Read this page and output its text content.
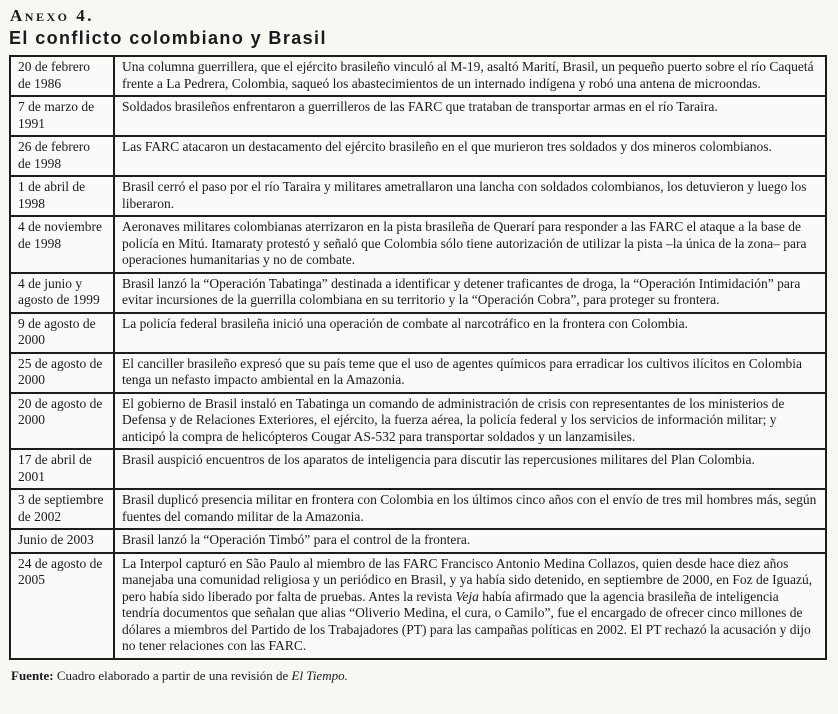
Anexo 4.
El conflicto colombiano y Brasil
20 de febrero de 1986	Una columna guerrillera, que el ejército brasileño vinculó al M-19, asaltó Marití, Brasil, un pequeño puerto sobre el río Caquetá frente a La Pedrera, Colombia, saqueó los abastecimientos de un internado indígena y robó una antena de microondas.
7 de marzo de 1991	Soldados brasileños enfrentaron a guerrilleros de las FARC que trataban de transportar armas en el río Taraira.
26 de febrero de 1998	Las FARC atacaron un destacamento del ejército brasileño en el que murieron tres soldados y dos mineros colombianos.
1 de abril de 1998	Brasil cerró el paso por el río Taraira y militares ametrallaron una lancha con soldados colombianos, los detuvieron y luego los liberaron.
4 de noviembre de 1998	Aeronaves militares colombianas aterrizaron en la pista brasileña de Querarí para responder a las FARC el ataque a la base de policía en Mitú. Itamaraty protestó y señaló que Colombia sólo tiene autorización de utilizar la pista –la única de la zona– para operaciones humanitarias y no de combate.
4 de junio y agosto de 1999	Brasil lanzó la “Operación Tabatinga” destinada a identificar y detener traficantes de droga, la “Operación Intimidación” para evitar incursiones de la guerrilla colombiana en su territorio y la “Operación Cobra”, para proteger su frontera.
9 de agosto de 2000	La policía federal brasileña inició una operación de combate al narcotráfico en la frontera con Colombia.
25 de agosto de 2000	El canciller brasileño expresó que su país teme que el uso de agentes químicos para erradicar los cultivos ilícitos en Colombia tenga un nefasto impacto ambiental en la Amazonia.
20 de agosto de 2000	El gobierno de Brasil instaló en Tabatinga un comando de administración de crisis con representantes de los ministerios de Defensa y de Relaciones Exteriores, el ejército, la fuerza aérea, la policía federal y los servicios de información militar; y anticipó la compra de helicópteros Cougar AS-532 para transportar soldados y un lanzamisiles.
17 de abril de 2001	Brasil auspició encuentros de los aparatos de inteligencia para discutir las repercusiones militares del Plan Colombia.
3 de septiembre de 2002	Brasil duplicó presencia militar en frontera con Colombia en los últimos cinco años con el envío de tres mil hombres más, según fuentes del comando militar de la Amazonia.
Junio de 2003	Brasil lanzó la “Operación Timbó” para el control de la frontera.
24 de agosto de 2005	La Interpol capturó en São Paulo al miembro de las FARC Francisco Antonio Medina Collazos, quien desde hace diez años manejaba una comunidad religiosa y un periódico en Brasil, y ya había sido detenido, en septiembre de 2000, en Foz de Iguazú, pero había sido liberado por falta de pruebas. Antes la revista Veja había afirmado que la agencia brasileña de inteligencia tendría documentos que señalan que alias “Oliverio Medina, el cura, o Camilo”, fue el encargado de ofrecer cinco millones de dólares a miembros del Partido de los Trabajadores (PT) para las campañas políticas en 2002. El PT rechazó la acusación y dijo no tener relaciones con las FARC.

Fuente: Cuadro elaborado a partir de una revisión de El Tiempo.
